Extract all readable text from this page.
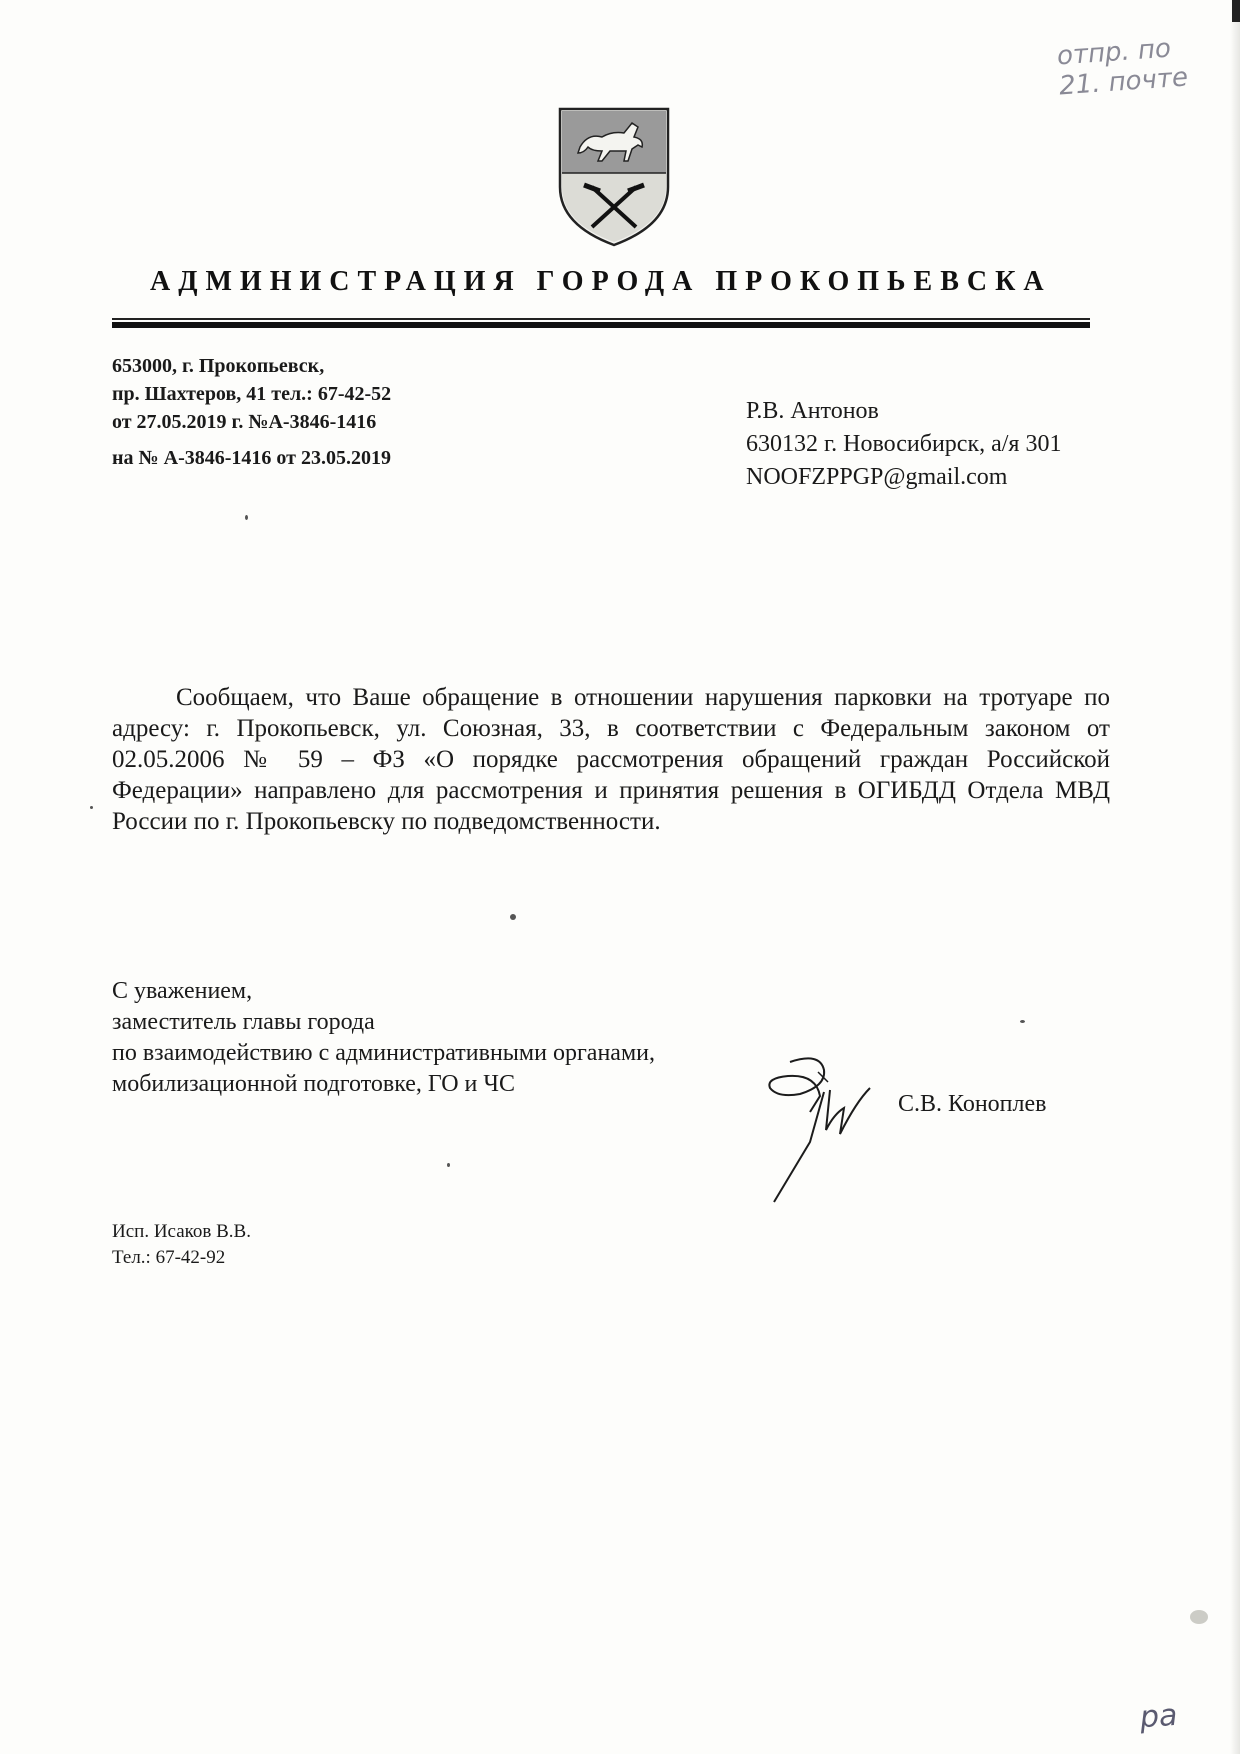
отпр. по
21. почте
АДМИНИСТРАЦИЯ ГОРОДА ПРОКОПЬЕВСКА
653000, г. Прокопьевск,
пр. Шахтеров, 41 тел.: 67-42-52
от 27.05.2019 г. №А-3846-1416
на № А-3846-1416 от 23.05.2019
Р.В. Антонов
630132 г. Новосибирск, а/я 301
NOOFZPPGP@gmail.com
Сообщаем, что Ваше обращение в отношении нарушения парковки на тротуаре по адресу: г. Прокопьевск, ул. Союзная, 33, в соответствии с Федеральным законом от 02.05.2006 № 59 – ФЗ «О порядке рассмотрения обращений граждан Российской Федерации» направлено для рассмотрения и принятия решения в ОГИБДД Отдела МВД России по г. Прокопьевску по подведомственности.
С уважением,
заместитель главы города
по взаимодействию с административными органами,
мобилизационной подготовке, ГО и ЧС
С.В. Коноплев
Исп. Исаков В.В.
Тел.: 67-42-92
ра
